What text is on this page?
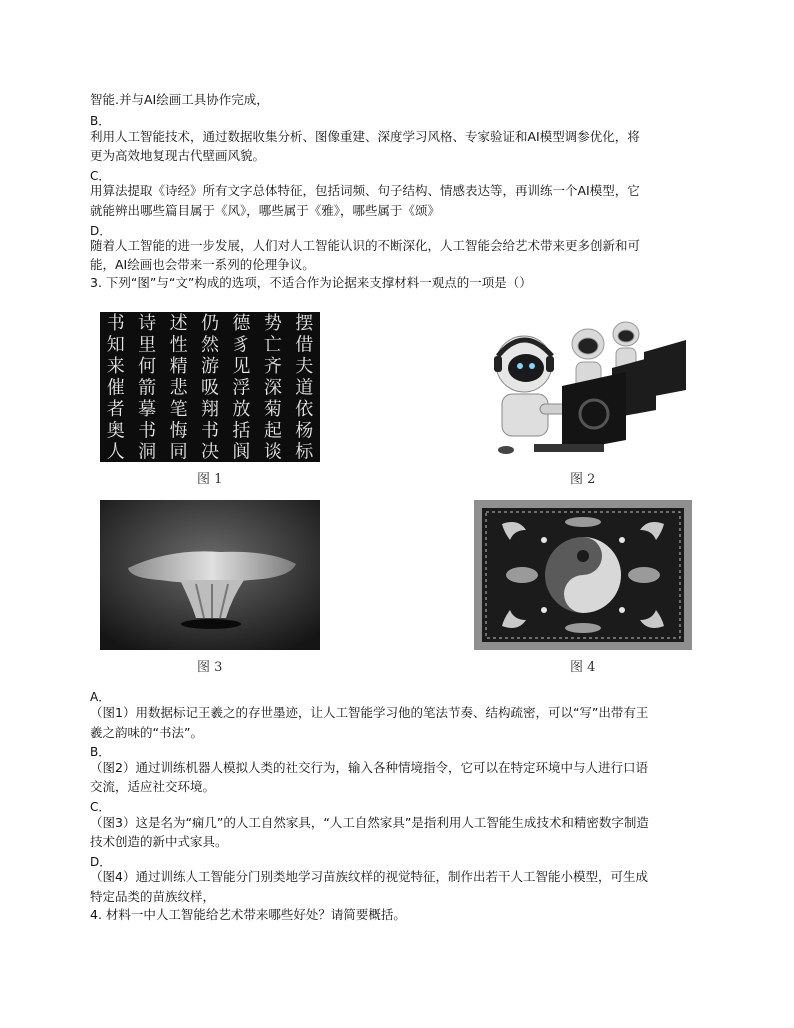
智能.并与AI绘画工具协作完成，
B．
利用人工智能技术，通过数据收集分析、图像重建、深度学习风格、专家验证和AI模型调参优化，将
更为高效地复现古代壁画风貌。
C．
用算法提取《诗经》所有文字总体特征，包括词频、句子结构、情感表达等，再训练一个AI模型，它
就能辨出哪些篇目属于《风》，哪些属于《雅》，哪些属于《颂》
D．
随着人工智能的进一步发展，人们对人工智能认识的不断深化，人工智能会给艺术带来更多创新和可
能，AI绘画也会带来一系列的伦理争议。
3. 下列“图”与“文”构成的选项，不适合作为论据来支撑材料一观点的一项是（）
书 诗 述 仍 德 势 摆
知 里 性 然 豸 亡 借
来 何 精 游 见 齐 夫
催 箭 悲 吸 浮 深 道
者 摹 笔 翔 放 菊 依
奥 书 悔 书 括 起 杨
人 洞 同 决 阆 谈 标
图 1	图 2
图 3	图 4
A．
（图1）用数据标记王羲之的存世墨迹，让人工智能学习他的笔法节奏、结构疏密，可以“写”出带有王
羲之韵味的“书法”。
B．
（图2）通过训练机器人模拟人类的社交行为，输入各种情境指令，它可以在特定环境中与人进行口语
交流，适应社交环境。
C．
（图3）这是名为“痫几”的人工自然家具，“人工自然家具”是指利用人工智能生成技术和精密数字制造
技术创造的新中式家具。
D．
（图4）通过训练人工智能分门别类地学习苗族纹样的视觉特征，制作出若干人工智能小模型，可生成
特定品类的苗族纹样，
4. 材料一中人工智能给艺术带来哪些好处？请简要概括。
